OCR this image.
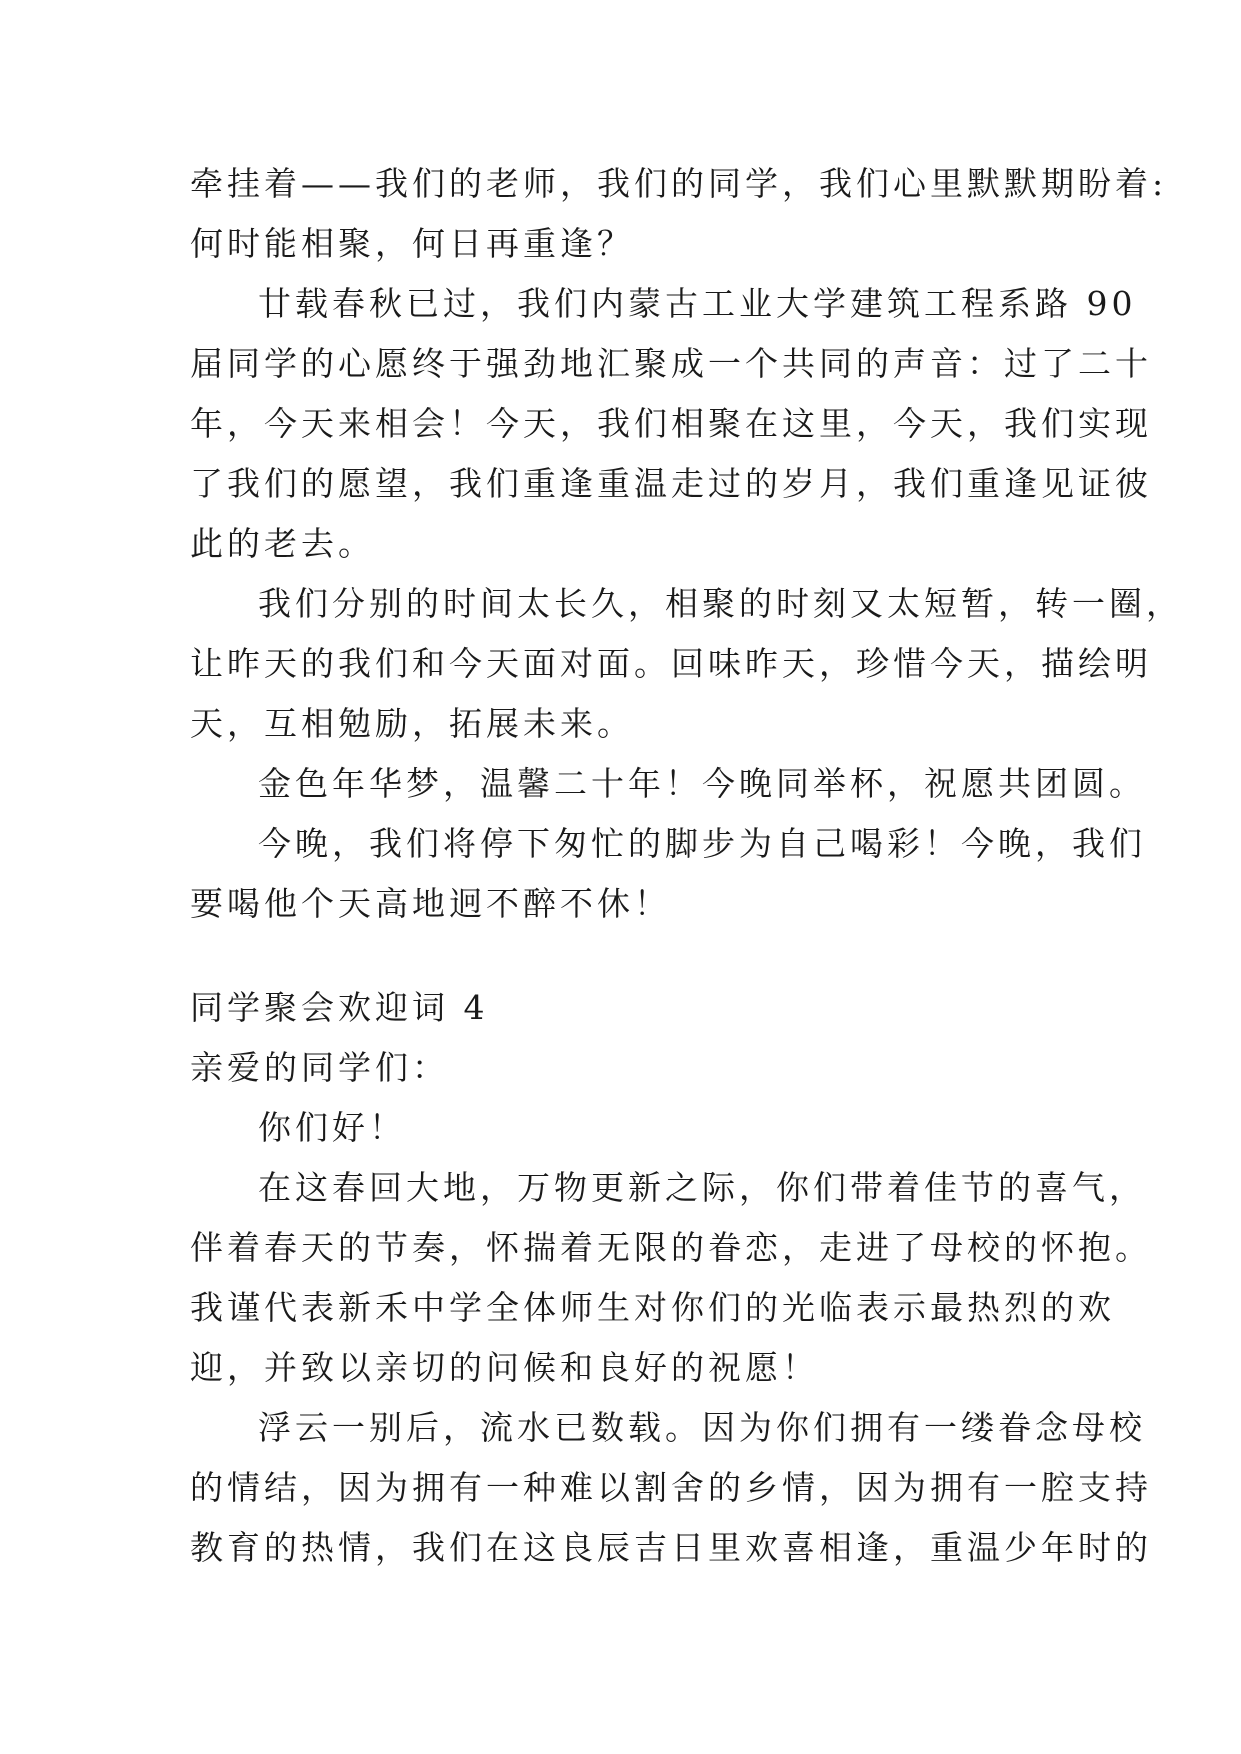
牵挂着——我们的老师，我们的同学，我们心里默默期盼着:
何时能相聚，何日再重逢？
廿载春秋已过，我们内蒙古工业大学建筑工程系路 90
届同学的心愿终于强劲地汇聚成一个共同的声音：过了二十
年，今天来相会！今天，我们相聚在这里，今天，我们实现
了我们的愿望，我们重逢重温走过的岁月，我们重逢见证彼
此的老去。
我们分别的时间太长久，相聚的时刻又太短暂，转一圈，
让昨天的我们和今天面对面。回味昨天，珍惜今天，描绘明
天，互相勉励，拓展未来。
金色年华梦，温馨二十年！今晚同举杯，祝愿共团圆。
今晚，我们将停下匆忙的脚步为自己喝彩！今晚，我们
要喝他个天高地迥不醉不休！
同学聚会欢迎词 4
亲爱的同学们：
你们好！
在这春回大地，万物更新之际，你们带着佳节的喜气，
伴着春天的节奏，怀揣着无限的眷恋，走进了母校的怀抱。
我谨代表新禾中学全体师生对你们的光临表示最热烈的欢
迎，并致以亲切的问候和良好的祝愿！
浮云一别后，流水已数载。因为你们拥有一缕眷念母校
的情结，因为拥有一种难以割舍的乡情，因为拥有一腔支持
教育的热情，我们在这良辰吉日里欢喜相逢，重温少年时的
